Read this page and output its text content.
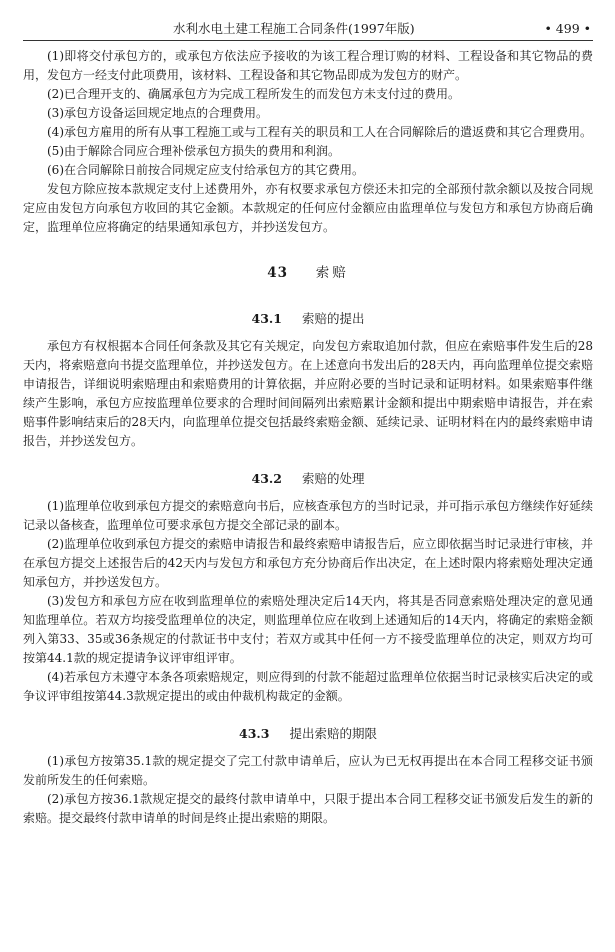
水利水电土建工程施工合同条件(1997年版)	• 499 •

(1)即将交付承包方的，或承包方依法应予接收的为该工程合理订购的材料、工程设备和其它物品的费用，发包方一经支付此项费用，该材料、工程设备和其它物品即成为发包方的财产。

(2)已合理开支的、确属承包方为完成工程所发生的而发包方未支付过的费用。

(3)承包方设备运回规定地点的合理费用。

(4)承包方雇用的所有从事工程施工或与工程有关的职员和工人在合同解除后的遣返费和其它合理费用。

(5)由于解除合同应合理补偿承包方损失的费用和利润。

(6)在合同解除日前按合同规定应支付给承包方的其它费用。

发包方除应按本款规定支付上述费用外，亦有权要求承包方偿还未扣完的全部预付款余额以及按合同规定应由发包方向承包方收回的其它金额。本款规定的任何应付金额应由监理单位与发包方和承包方协商后确定，监理单位应将确定的结果通知承包方，并抄送发包方。

43 索赔
43.1 索赔的提出

承包方有权根据本合同任何条款及其它有关规定，向发包方索取追加付款，但应在索赔事件发生后的28天内，将索赔意向书提交监理单位，并抄送发包方。在上述意向书发出后的28天内，再向监理单位提交索赔申请报告，详细说明索赔理由和索赔费用的计算依据，并应附必要的当时记录和证明材料。如果索赔事件继续产生影响，承包方应按监理单位要求的合理时间间隔列出索赔累计金额和提出中期索赔申请报告，并在索赔事件影响结束后的28天内，向监理单位提交包括最终索赔金额、延续记录、证明材料在内的最终索赔申请报告，并抄送发包方。

43.2 索赔的处理

(1)监理单位收到承包方提交的索赔意向书后，应核查承包方的当时记录，并可指示承包方继续作好延续记录以备核查，监理单位可要求承包方提交全部记录的副本。

(2)监理单位收到承包方提交的索赔申请报告和最终索赔申请报告后，应立即依据当时记录进行审核，并在承包方提交上述报告后的42天内与发包方和承包方充分协商后作出决定，在上述时限内将索赔处理决定通知承包方，并抄送发包方。

(3)发包方和承包方应在收到监理单位的索赔处理决定后14天内，将其是否同意索赔处理决定的意见通知监理单位。若双方均接受监理单位的决定，则监理单位应在收到上述通知后的14天内，将确定的索赔金额列入第33、35或36条规定的付款证书中支付；若双方或其中任何一方不接受监理单位的决定，则双方均可按第44.1款的规定提请争议评审组评审。

(4)若承包方未遵守本条各项索赔规定，则应得到的付款不能超过监理单位依据当时记录核实后决定的或争议评审组按第44.3款规定提出的或由仲裁机构裁定的金额。

43.3 提出索赔的期限

(1)承包方按第35.1款的规定提交了完工付款申请单后，应认为已无权再提出在本合同工程移交证书颁发前所发生的任何索赔。

(2)承包方按36.1款规定提交的最终付款申请单中，只限于提出本合同工程移交证书颁发后发生的新的索赔。提交最终付款申请单的时间是终止提出索赔的期限。
